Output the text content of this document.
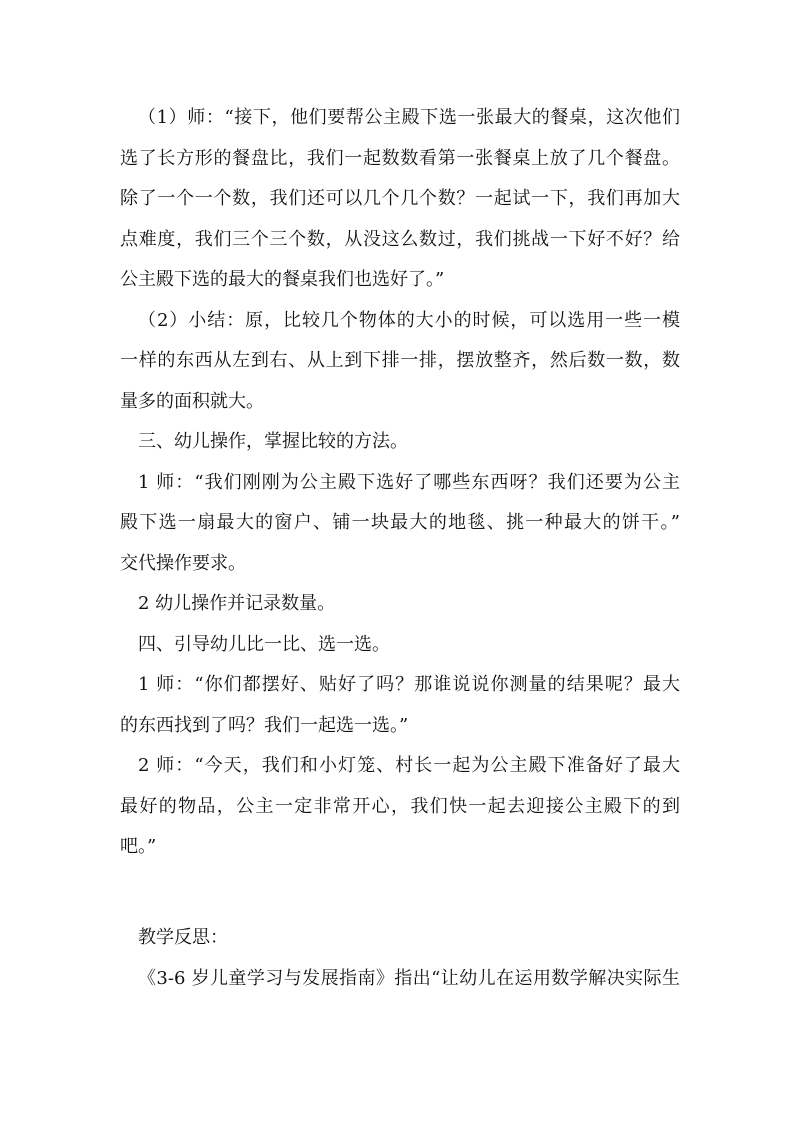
（1）师：“接下，他们要帮公主殿下选一张最大的餐桌，这次他们
选了长方形的餐盘比，我们一起数数看第一张餐桌上放了几个餐盘。
除了一个一个数，我们还可以几个几个数？一起试一下，我们再加大
点难度，我们三个三个数，从没这么数过，我们挑战一下好不好？给
公主殿下选的最大的餐桌我们也选好了。”
（2）小结：原，比较几个物体的大小的时候，可以选用一些一模
一样的东西从左到右、从上到下排一排，摆放整齐，然后数一数，数
量多的面积就大。
三、幼儿操作，掌握比较的方法。
1 师：“我们刚刚为公主殿下选好了哪些东西呀？我们还要为公主
殿下选一扇最大的窗户、铺一块最大的地毯、挑一种最大的饼干。”
交代操作要求。
2 幼儿操作并记录数量。
四、引导幼儿比一比、选一选。
1 师：“你们都摆好、贴好了吗？那谁说说你测量的结果呢？最大
的东西找到了吗？我们一起选一选。”
2 师：“今天，我们和小灯笼、村长一起为公主殿下准备好了最大
最好的物品，公主一定非常开心，我们快一起去迎接公主殿下的到
吧。”
教学反思：
《3-6 岁儿童学习与发展指南》指出“让幼儿在运用数学解决实际生
